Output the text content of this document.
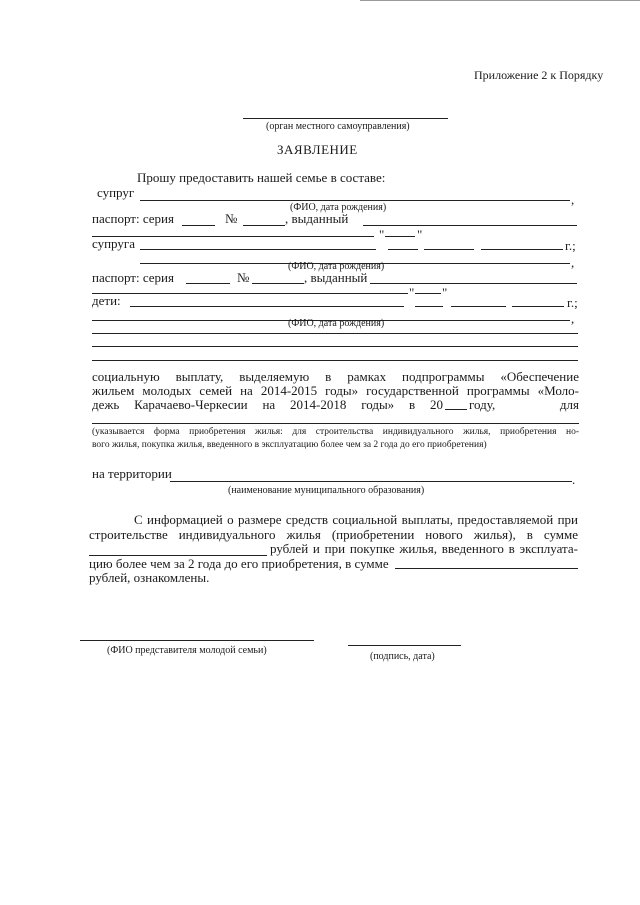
Приложение 2 к Порядку
(орган местного самоуправления)
ЗАЯВЛЕНИЕ
Прошу предоставить нашей семье в составе:
супруг	,
(ФИО, дата рождения)
паспорт: серия	№	, выданный
"	"
супруга	г.;
,
(ФИО, дата рождения)
паспорт: серия	№	, выданный
" "
дети:	г.;
,
(ФИО, дата рождения)
социальную выплату, выделяемую в рамках подпрограммы «Обеспечение
жильем молодых семей на 2014-2015 годы» государственной программы «Моло-
дежь Карачаево-Черкесии на 2014-2018 годы» в 20 году, для
(указывается форма приобретения жилья: для строительства индивидуального жилья, приобретения но-
вого жилья, покупка жилья, введенного в эксплуатацию более чем за 2 года до его приобретения)
на территории	.
(наименование муниципального образования)
С информацией о размере средств социальной выплаты, предоставляемой при
строительстве индивидуального жилья (приобретении нового жилья), в сумме
рублей и при покупке жилья, введенного в эксплуата-
цию более чем за 2 года до его приобретения, в сумме
рублей, ознакомлены.
(ФИО представителя молодой семьи)
(подпись, дата)
